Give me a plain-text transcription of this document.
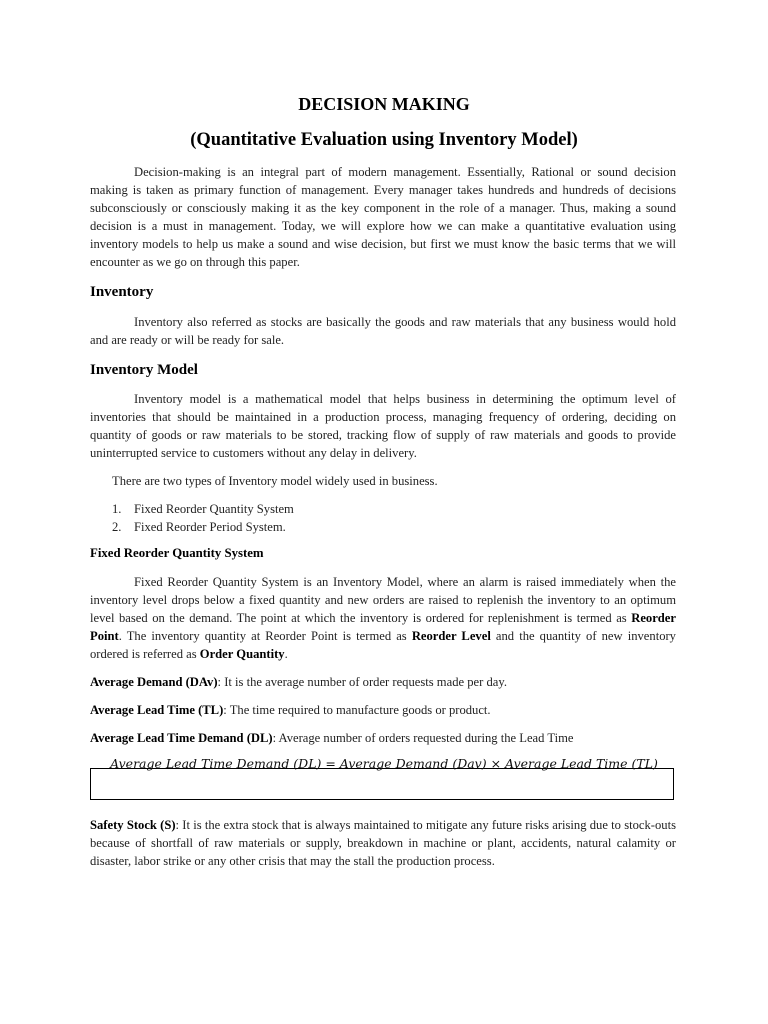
DECISION MAKING
(Quantitative Evaluation using Inventory Model)

Decision-making is an integral part of modern management. Essentially, Rational or sound decision making is taken as primary function of management. Every manager takes hundreds and hundreds of decisions subconsciously or consciously making it as the key component in the role of a manager. Thus, making a sound decision is a must in management. Today, we will explore how we can make a quantitative evaluation using inventory models to help us make a sound and wise decision, but first we must know the basic terms that we will encounter as we go on through this paper.

Inventory

Inventory also referred as stocks are basically the goods and raw materials that any business would hold and are ready or will be ready for sale.

Inventory Model

Inventory model is a mathematical model that helps business in determining the optimum level of inventories that should be maintained in a production process, managing frequency of ordering, deciding on quantity of goods or raw materials to be stored, tracking flow of supply of raw materials and goods to provide uninterrupted service to customers without any delay in delivery.

There are two types of Inventory model widely used in business.
1. Fixed Reorder Quantity System
2. Fixed Reorder Period System.
Fixed Reorder Quantity System

Fixed Reorder Quantity System is an Inventory Model, where an alarm is raised immediately when the inventory level drops below a fixed quantity and new orders are raised to replenish the inventory to an optimum level based on the demand. The point at which the inventory is ordered for replenishment is termed as Reorder Point. The inventory quantity at Reorder Point is termed as Reorder Level and the quantity of new inventory ordered is referred as Order Quantity.

Average Demand (DAv): It is the average number of order requests made per day.
Average Lead Time (TL): The time required to manufacture goods or product.
Average Lead Time Demand (DL): Average number of orders requested during the Lead Time
Average Lead Time Demand (DL) = Average Demand (Dav) × Average Lead Time (TL)

Safety Stock (S): It is the extra stock that is always maintained to mitigate any future risks arising due to stock-outs because of shortfall of raw materials or supply, breakdown in machine or plant, accidents, natural calamity or disaster, labor strike or any other crisis that may the stall the production process.
